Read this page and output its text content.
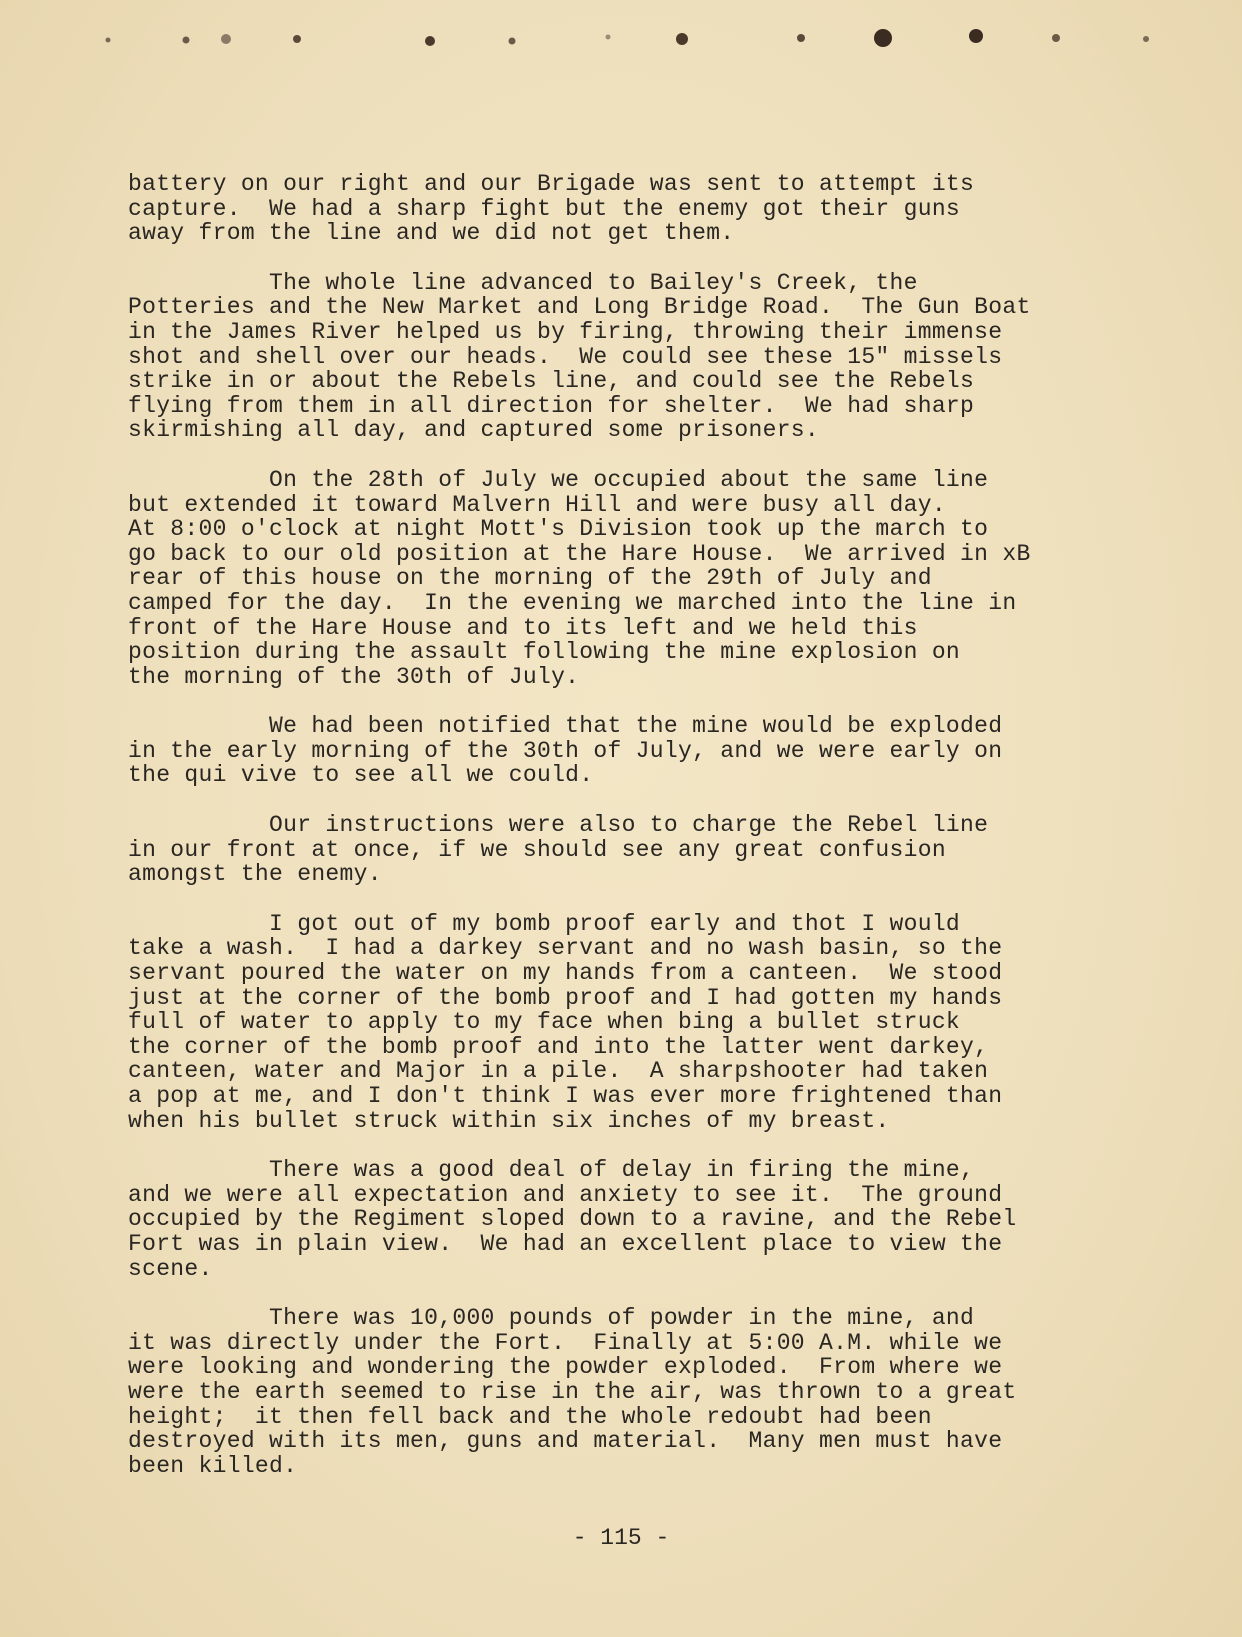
battery on our right and our Brigade was sent to attempt its
capture.  We had a sharp fight but the enemy got their guns
away from the line and we did not get them.

The whole line advanced to Bailey's Creek, the
Potteries and the New Market and Long Bridge Road.  The Gun Boat
in the James River helped us by firing, throwing their immense
shot and shell over our heads.  We could see these 15" missels
strike in or about the Rebels line, and could see the Rebels
flying from them in all direction for shelter.  We had sharp
skirmishing all day, and captured some prisoners.

On the 28th of July we occupied about the same line
but extended it toward Malvern Hill and were busy all day.
At 8:00 o'clock at night Mott's Division took up the march to
go back to our old position at the Hare House.  We arrived in xB
rear of this house on the morning of the 29th of July and
camped for the day.  In the evening we marched into the line in
front of the Hare House and to its left and we held this
position during the assault following the mine explosion on
the morning of the 30th of July.

We had been notified that the mine would be exploded
in the early morning of the 30th of July, and we were early on
the qui vive to see all we could.

Our instructions were also to charge the Rebel line
in our front at once, if we should see any great confusion
amongst the enemy.

I got out of my bomb proof early and thot I would
take a wash.  I had a darkey servant and no wash basin, so the
servant poured the water on my hands from a canteen.  We stood
just at the corner of the bomb proof and I had gotten my hands
full of water to apply to my face when bing a bullet struck
the corner of the bomb proof and into the latter went darkey,
canteen, water and Major in a pile.  A sharpshooter had taken
a pop at me, and I don't think I was ever more frightened than
when his bullet struck within six inches of my breast.

There was a good deal of delay in firing the mine,
and we were all expectation and anxiety to see it.  The ground
occupied by the Regiment sloped down to a ravine, and the Rebel
Fort was in plain view.  We had an excellent place to view the
scene.

There was 10,000 pounds of powder in the mine, and
it was directly under the Fort.  Finally at 5:00 A.M. while we
were looking and wondering the powder exploded.  From where we
were the earth seemed to rise in the air, was thrown to a great
height;  it then fell back and the whole redoubt had been
destroyed with its men, guns and material.  Many men must have
been killed.

- 115 -
